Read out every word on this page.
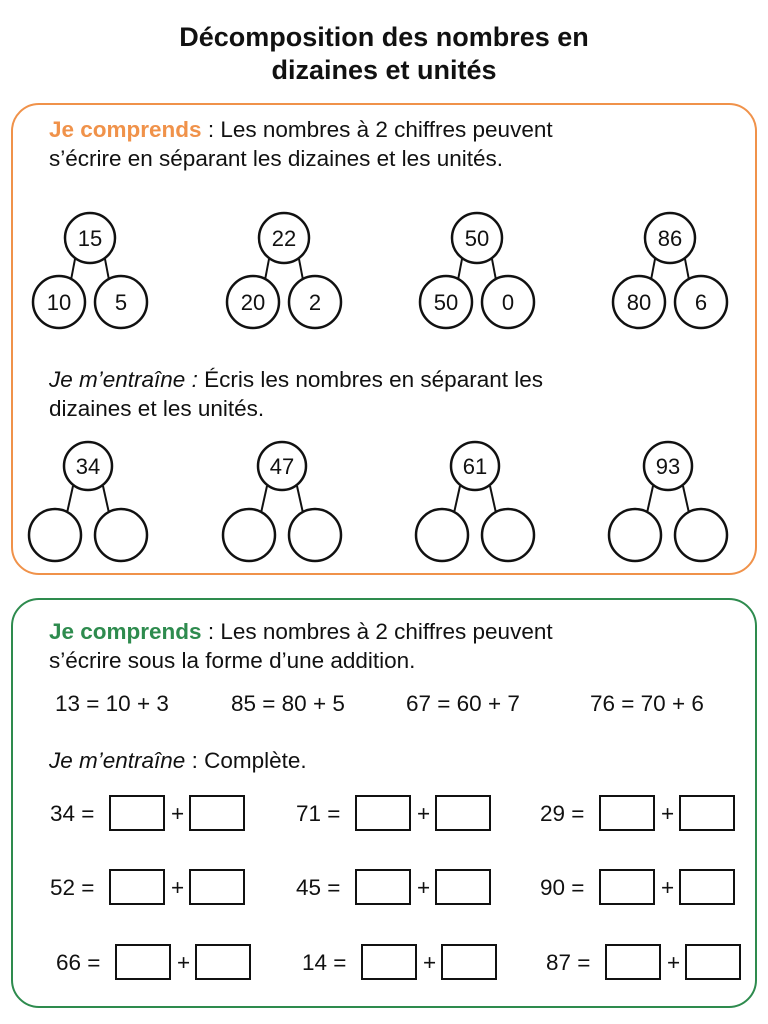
Décomposition des nombres en
dizaines et unités
Je comprends : Les nombres à 2 chiffres peuvent
s’écrire en séparant les dizaines et les unités.
Je m’entraîne : Écris les nombres en séparant les
dizaines et les unités.
15
10 5
22
20 2
50
50 0
86
80 6
34	47	61	93
Je comprends : Les nombres à 2 chiffres peuvent
s’écrire sous la forme d’une addition.
13 = 10 + 3	85 = 80 + 5	67 = 60 + 7	76 = 70 + 6
Je m’entraîne : Complète.
34 =	+	71 =	+	29 =	+
52 =	+	45 =	+	90 =	+
66 =	+	14 =	+	87 =	+
